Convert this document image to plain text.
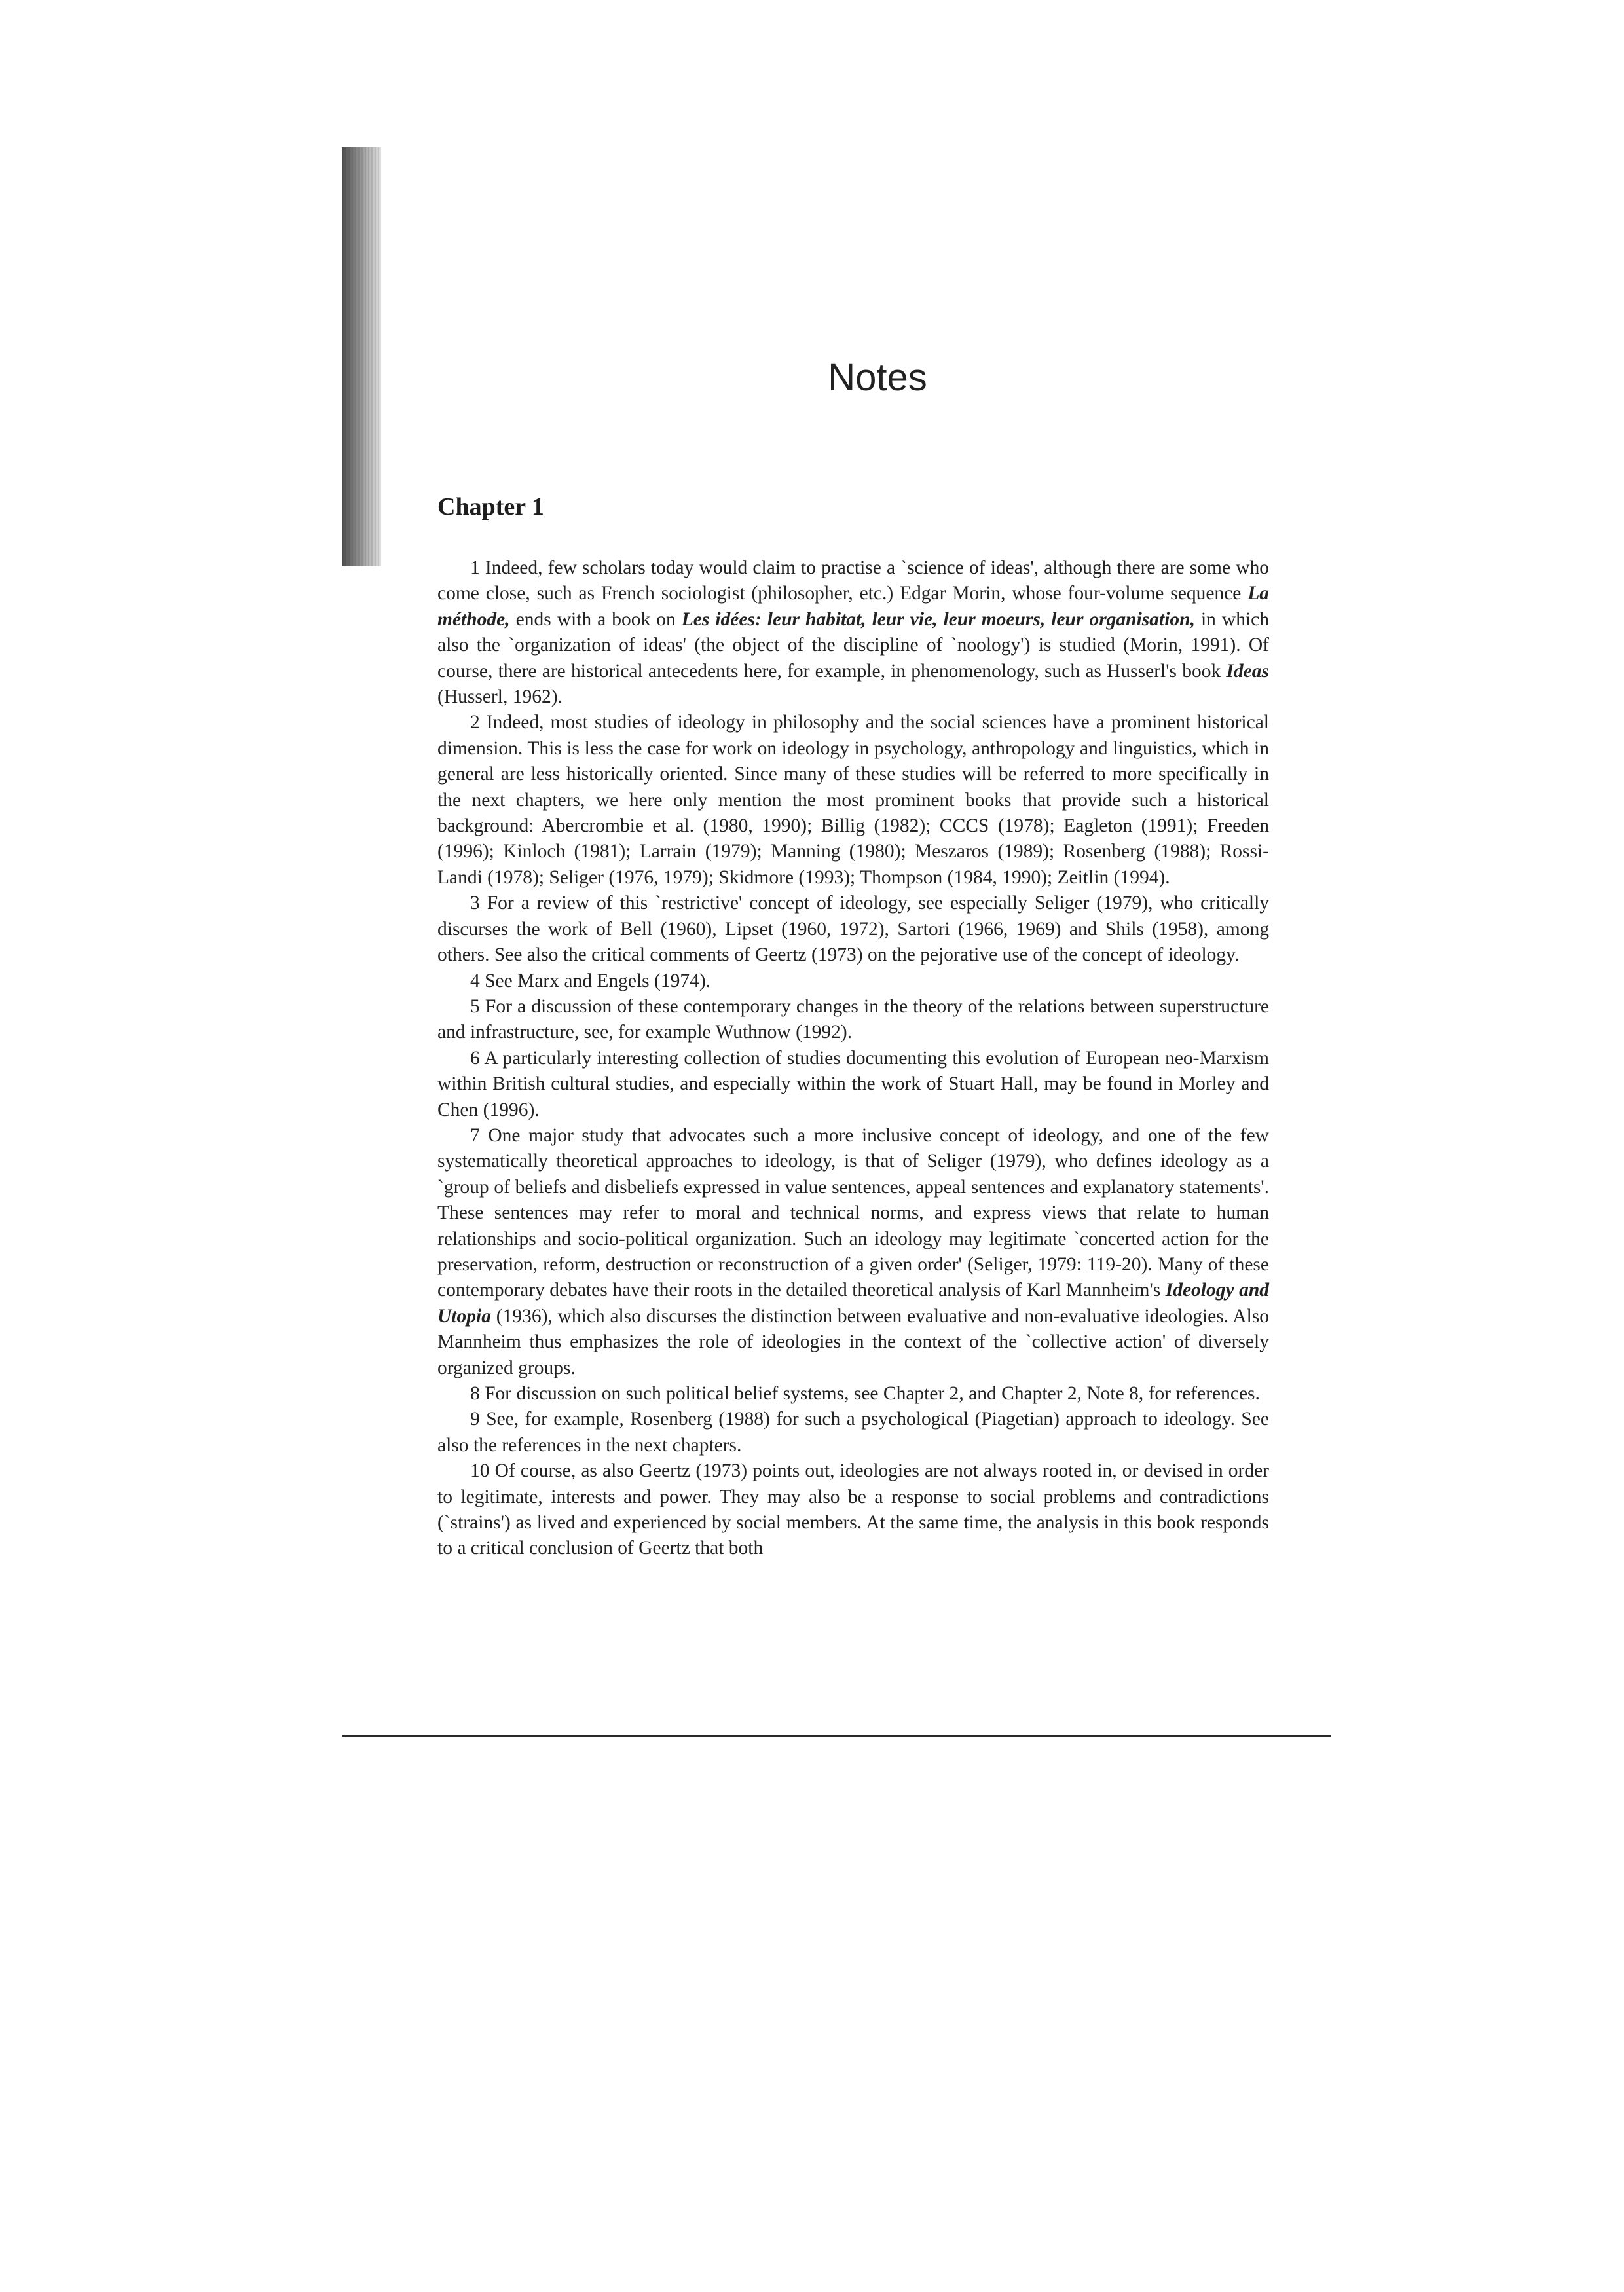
Notes
Chapter 1

1 Indeed, few scholars today would claim to practise a `science of ideas', although there are some who come close, such as French sociologist (philosopher, etc.) Edgar Morin, whose four-volume sequence La méthode, ends with a book on Les idées: leur habitat, leur vie, leur moeurs, leur organisation, in which also the `organization of ideas' (the object of the discipline of `noology') is studied (Morin, 1991). Of course, there are historical antecedents here, for example, in phenomenology, such as Husserl's book Ideas (Husserl, 1962).

2 Indeed, most studies of ideology in philosophy and the social sciences have a prominent historical dimension. This is less the case for work on ideology in psychology, anthropology and linguistics, which in general are less historically oriented. Since many of these studies will be referred to more specifically in the next chapters, we here only mention the most prominent books that provide such a historical background: Abercrombie et al. (1980, 1990); Billig (1982); CCCS (1978); Eagleton (1991); Freeden (1996); Kinloch (1981); Larrain (1979); Manning (1980); Meszaros (1989); Rosenberg (1988); Rossi-Landi (1978); Seliger (1976, 1979); Skidmore (1993); Thompson (1984, 1990); Zeitlin (1994).

3 For a review of this `restrictive' concept of ideology, see especially Seliger (1979), who critically discurses the work of Bell (1960), Lipset (1960, 1972), Sartori (1966, 1969) and Shils (1958), among others. See also the critical comments of Geertz (1973) on the pejorative use of the concept of ideology.

4 See Marx and Engels (1974).

5 For a discussion of these contemporary changes in the theory of the relations between superstructure and infrastructure, see, for example Wuthnow (1992).

6 A particularly interesting collection of studies documenting this evolution of European neo-Marxism within British cultural studies, and especially within the work of Stuart Hall, may be found in Morley and Chen (1996).

7 One major study that advocates such a more inclusive concept of ideology, and one of the few systematically theoretical approaches to ideology, is that of Seliger (1979), who defines ideology as a `group of beliefs and disbeliefs expressed in value sentences, appeal sentences and explanatory statements'. These sentences may refer to moral and technical norms, and express views that relate to human relationships and socio-political organization. Such an ideology may legitimate `concerted action for the preservation, reform, destruction or reconstruction of a given order' (Seliger, 1979: 119-20). Many of these contemporary debates have their roots in the detailed theoretical analysis of Karl Mannheim's Ideology and Utopia (1936), which also discurses the distinction between evaluative and non-evaluative ideologies. Also Mannheim thus emphasizes the role of ideologies in the context of the `collective action' of diversely organized groups.

8 For discussion on such political belief systems, see Chapter 2, and Chapter 2, Note 8, for references.

9 See, for example, Rosenberg (1988) for such a psychological (Piagetian) approach to ideology. See also the references in the next chapters.

10 Of course, as also Geertz (1973) points out, ideologies are not always rooted in, or devised in order to legitimate, interests and power. They may also be a response to social problems and contradictions (`strains') as lived and experienced by social members. At the same time, the analysis in this book responds to a critical conclusion of Geertz that both
